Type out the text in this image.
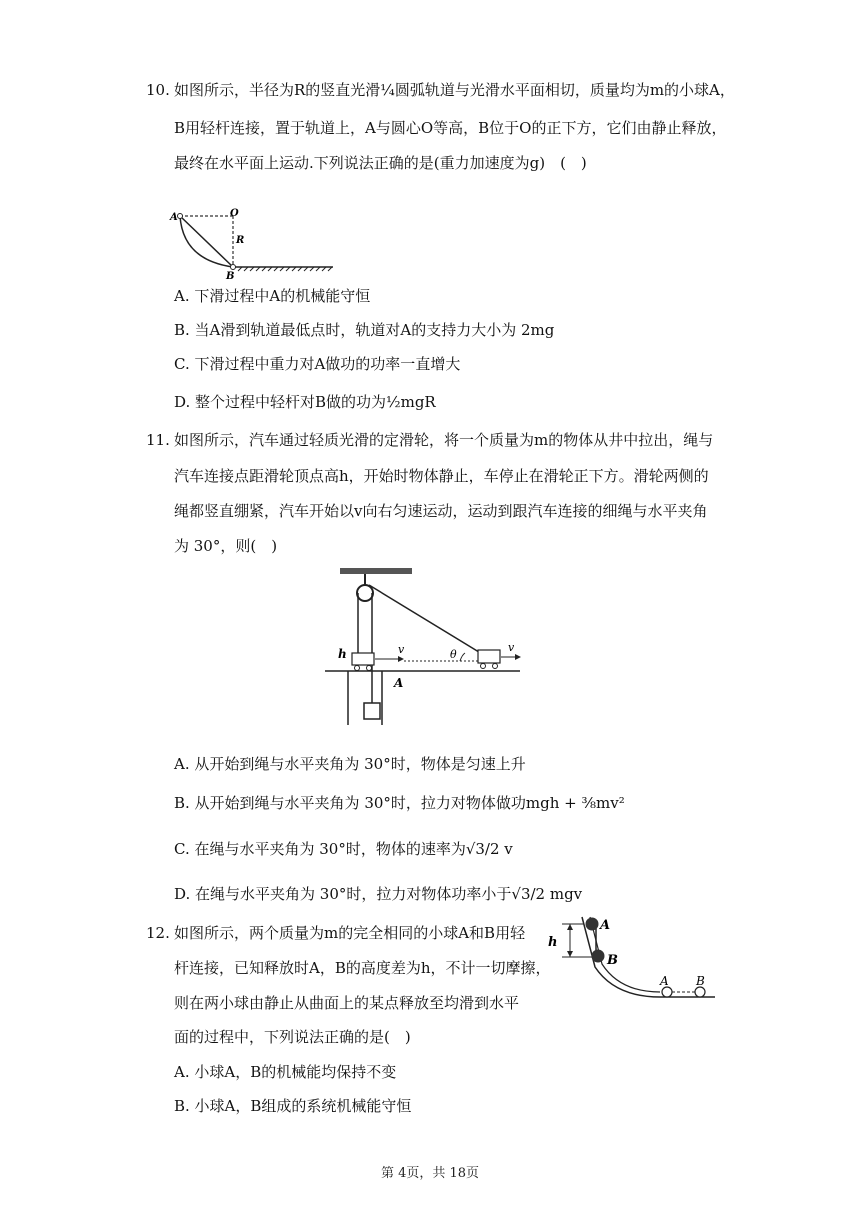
10. 如图所示，半径为R的竖直光滑¼圆弧轨道与光滑水平面相切，质量均为m的小球A，
B用轻杆连接，置于轨道上，A与圆心O等高，B位于O的正下方，它们由静止释放，
最终在水平面上运动.下列说法正确的是(重力加速度为g)　(　)
A	O
R
B
A. 下滑过程中A的机械能守恒
B. 当A滑到轨道最低点时，轨道对A的支持力大小为 2mg
C. 下滑过程中重力对A做功的功率一直增大
D. 整个过程中轻杆对B做的功为½mgR
11. 如图所示，汽车通过轻质光滑的定滑轮，将一个质量为m的物体从井中拉出，绳与
汽车连接点距滑轮顶点高h，开始时物体静止，车停止在滑轮正下方。滑轮两侧的
绳都竖直绷紧，汽车开始以v向右匀速运动，运动到跟汽车连接的细绳与水平夹角
为 30°，则(　)
h	v	θ
v
A
A. 从开始到绳与水平夹角为 30°时，物体是匀速上升
B. 从开始到绳与水平夹角为 30°时，拉力对物体做功mgh + ⅜mv²
C. 在绳与水平夹角为 30°时，物体的速率为√3/2 v
D. 在绳与水平夹角为 30°时，拉力对物体功率小于√3/2 mgv
12. 如图所示，两个质量为m的完全相同的小球A和B用轻
杆连接，已知释放时A，B的高度差为h，不计一切摩擦，
则在两小球由静止从曲面上的某点释放至均滑到水平
面的过程中，下列说法正确的是(　)
h
A
B
A B
A. 小球A，B的机械能均保持不变
B. 小球A，B组成的系统机械能守恒
第 4页，共 18页
